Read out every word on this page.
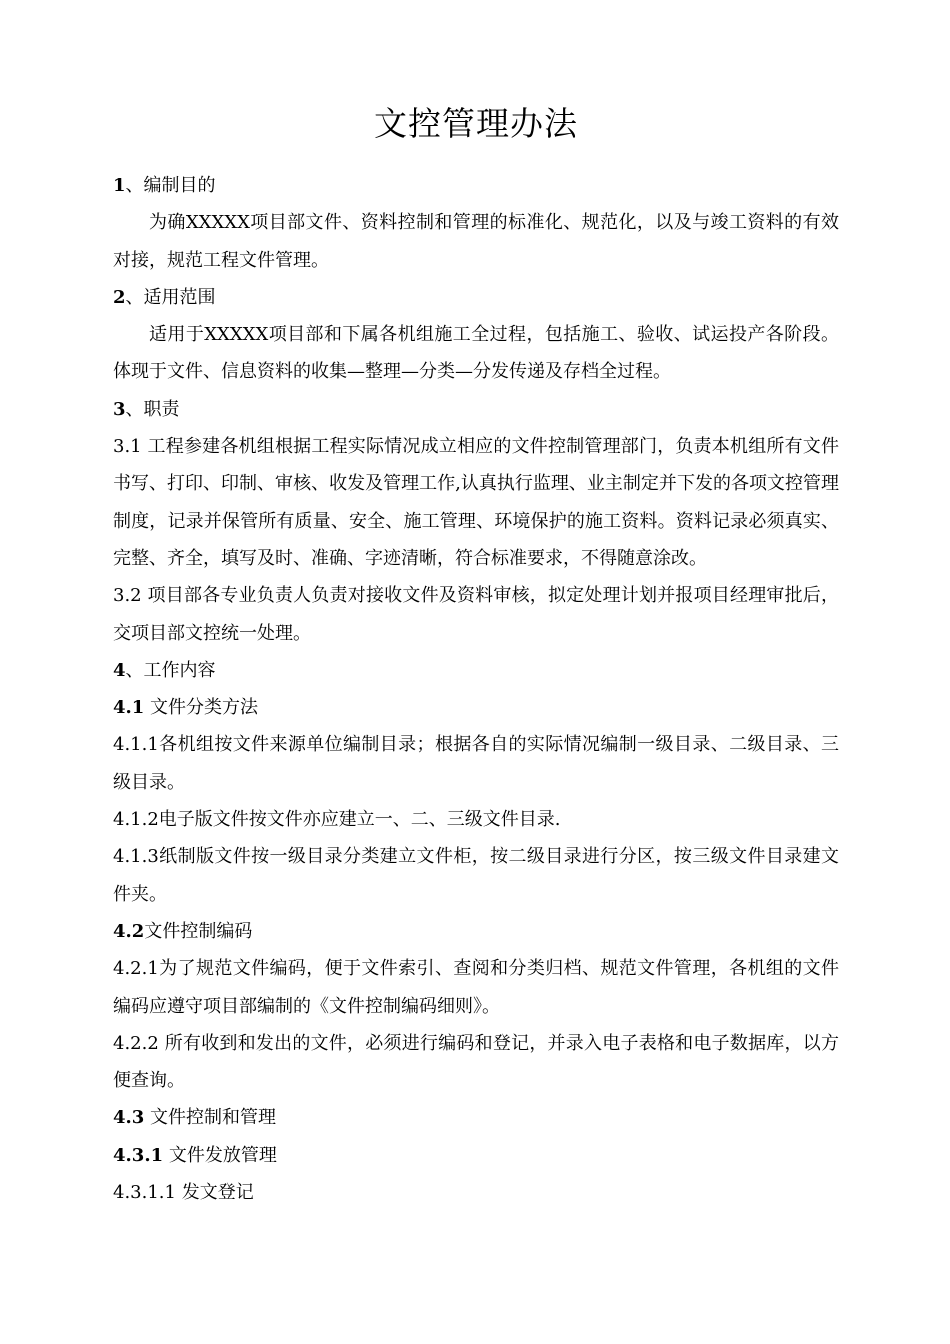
文控管理办法

1、编制目的

为确XXXXX项目部文件、资料控制和管理的标准化、规范化，以及与竣工资料的有效对接，规范工程文件管理。

2、适用范围

适用于XXXXX项目部和下属各机组施工全过程，包括施工、验收、试运投产各阶段。体现于文件、信息资料的收集—整理—分类—分发传递及存档全过程。

3、职责

3.1 工程参建各机组根据工程实际情况成立相应的文件控制管理部门，负责本机组所有文件书写、打印、印制、审核、收发及管理工作,认真执行监理、业主制定并下发的各项文控管理制度，记录并保管所有质量、安全、施工管理、环境保护的施工资料。资料记录必须真实、完整、齐全，填写及时、准确、字迹清晰，符合标准要求，不得随意涂改。

3.2 项目部各专业负责人负责对接收文件及资料审核，拟定处理计划并报项目经理审批后，交项目部文控统一处理。

4、工作内容

4.1 文件分类方法

4.1.1各机组按文件来源单位编制目录；根据各自的实际情况编制一级目录、二级目录、三级目录。

4.1.2电子版文件按文件亦应建立一、二、三级文件目录.

4.1.3纸制版文件按一级目录分类建立文件柜，按二级目录进行分区，按三级文件目录建文件夹。

4.2文件控制编码

4.2.1为了规范文件编码，便于文件索引、查阅和分类归档、规范文件管理，各机组的文件编码应遵守项目部编制的《文件控制编码细则》。

4.2.2 所有收到和发出的文件，必须进行编码和登记，并录入电子表格和电子数据库，以方便查询。

4.3 文件控制和管理

4.3.1 文件发放管理

4.3.1.1 发文登记
